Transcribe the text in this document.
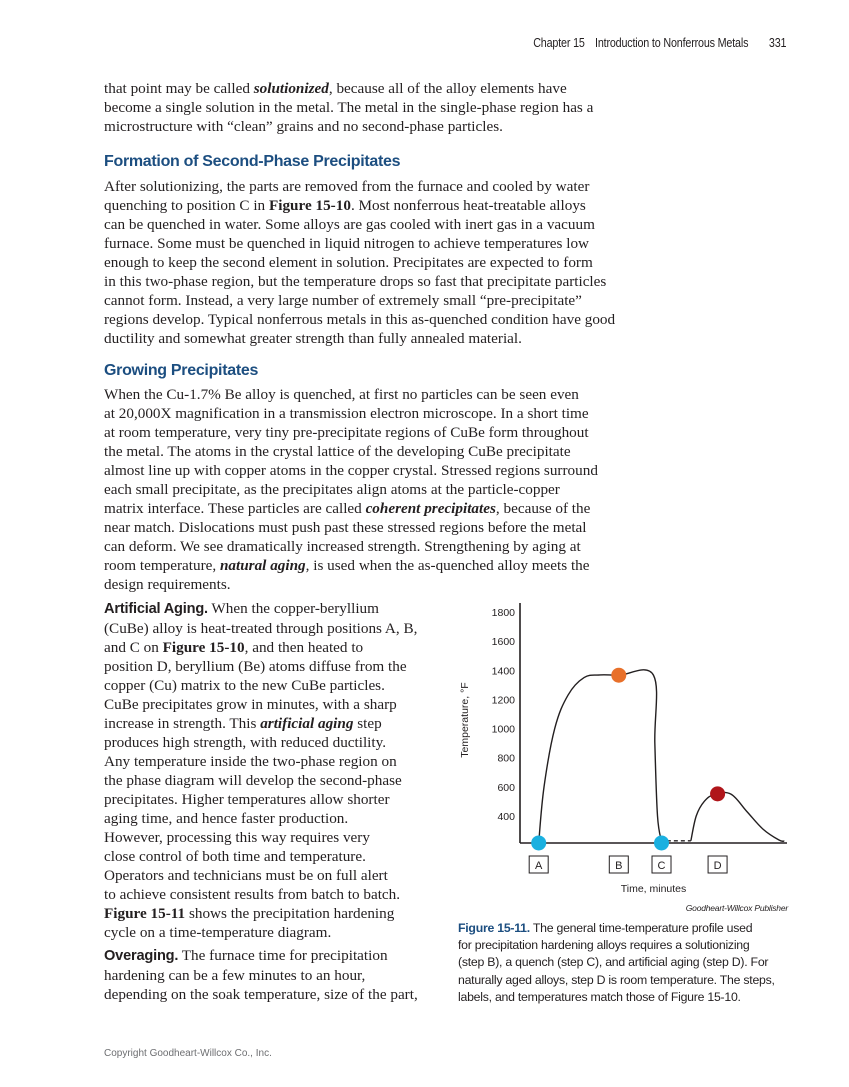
Chapter 15 Introduction to Nonferrous Metals 331

that point may be called solutionized, because all of the alloy elements have
become a single solution in the metal. The metal in the single-phase region has a
microstructure with “clean” grains and no second-phase particles.

Formation of Second-Phase Precipitates

After solutionizing, the parts are removed from the furnace and cooled by water
quenching to position C in Figure 15-10. Most nonferrous heat-treatable alloys
can be quenched in water. Some alloys are gas cooled with inert gas in a vacuum
furnace. Some must be quenched in liquid nitrogen to achieve temperatures low
enough to keep the second element in solution. Precipitates are expected to form
in this two-phase region, but the temperature drops so fast that precipitate particles
cannot form. Instead, a very large number of extremely small “pre-precipitate”
regions develop. Typical nonferrous metals in this as-quenched condition have good
ductility and somewhat greater strength than fully annealed material.

Growing Precipitates

When the Cu-1.7% Be alloy is quenched, at first no particles can be seen even
at 20,000X magnification in a transmission electron microscope. In a short time
at room temperature, very tiny pre-precipitate regions of CuBe form throughout
the metal. The atoms in the crystal lattice of the developing CuBe precipitate
almost line up with copper atoms in the copper crystal. Stressed regions surround
each small precipitate, as the precipitates align atoms at the particle-copper
matrix interface. These particles are called coherent precipitates, because of the
near match. Dislocations must push past these stressed regions before the metal
can deform. We see dramatically increased strength. Strengthening by aging at
room temperature, natural aging, is used when the as-quenched alloy meets the
design requirements.

Artificial Aging. When the copper-beryllium
(CuBe) alloy is heat-treated through positions A, B,
and C on Figure 15-10, and then heated to
position D, beryllium (Be) atoms diffuse from the
copper (Cu) matrix to the new CuBe particles.
CuBe precipitates grow in minutes, with a sharp
increase in strength. This artificial aging step
produces high strength, with reduced ductility.
Any temperature inside the two-phase region on
the phase diagram will develop the second-phase
precipitates. Higher temperatures allow shorter
aging time, and hence faster production.
However, processing this way requires very
close control of both time and temperature.
Operators and technicians must be on full alert
to achieve consistent results from batch to batch.
Figure 15-11 shows the precipitation hardening
cycle on a time-temperature diagram.

Overaging. The furnace time for precipitation
hardening can be a few minutes to an hour,
depending on the soak temperature, size of the part,

400
600
800
1000
1200
1400
1600
1800
Temperature, °F
A	B	C	D
Time, minutes
Goodheart-Willcox Publisher

Figure 15-11. The general time-temperature profile used
for precipitation hardening alloys requires a solutionizing
(step B), a quench (step C), and artificial aging (step D). For
naturally aged alloys, step D is room temperature. The steps,
labels, and temperatures match those of Figure 15-10.

Copyright Goodheart-Willcox Co., Inc.
